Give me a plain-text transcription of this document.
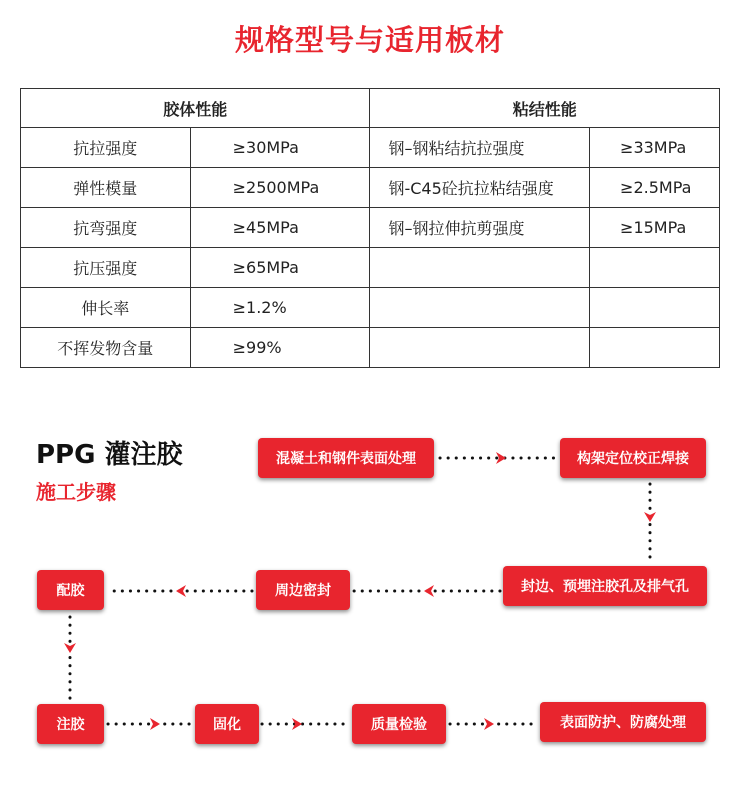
规格型号与适用板材
胶体性能		粘结性能	
抗拉强度	≥30MPa	钢–钢粘结抗拉强度	≥33MPa
弹性模量	≥2500MPa	钢-C45砼抗拉粘结强度	≥2.5MPa
抗弯强度	≥45MPa	钢–钢拉伸抗剪强度	≥15MPa
抗压强度	≥65MPa		
伸长率	≥1.2%		
不挥发物含量	≥99%		
PPG 灌注胶
施工步骤
混凝土和钢件表面处理	构架定位校正焊接
封边、预埋注胶孔及排气孔
周边密封
配胶
注胶	固化	质量检验	表面防护、防腐处理
